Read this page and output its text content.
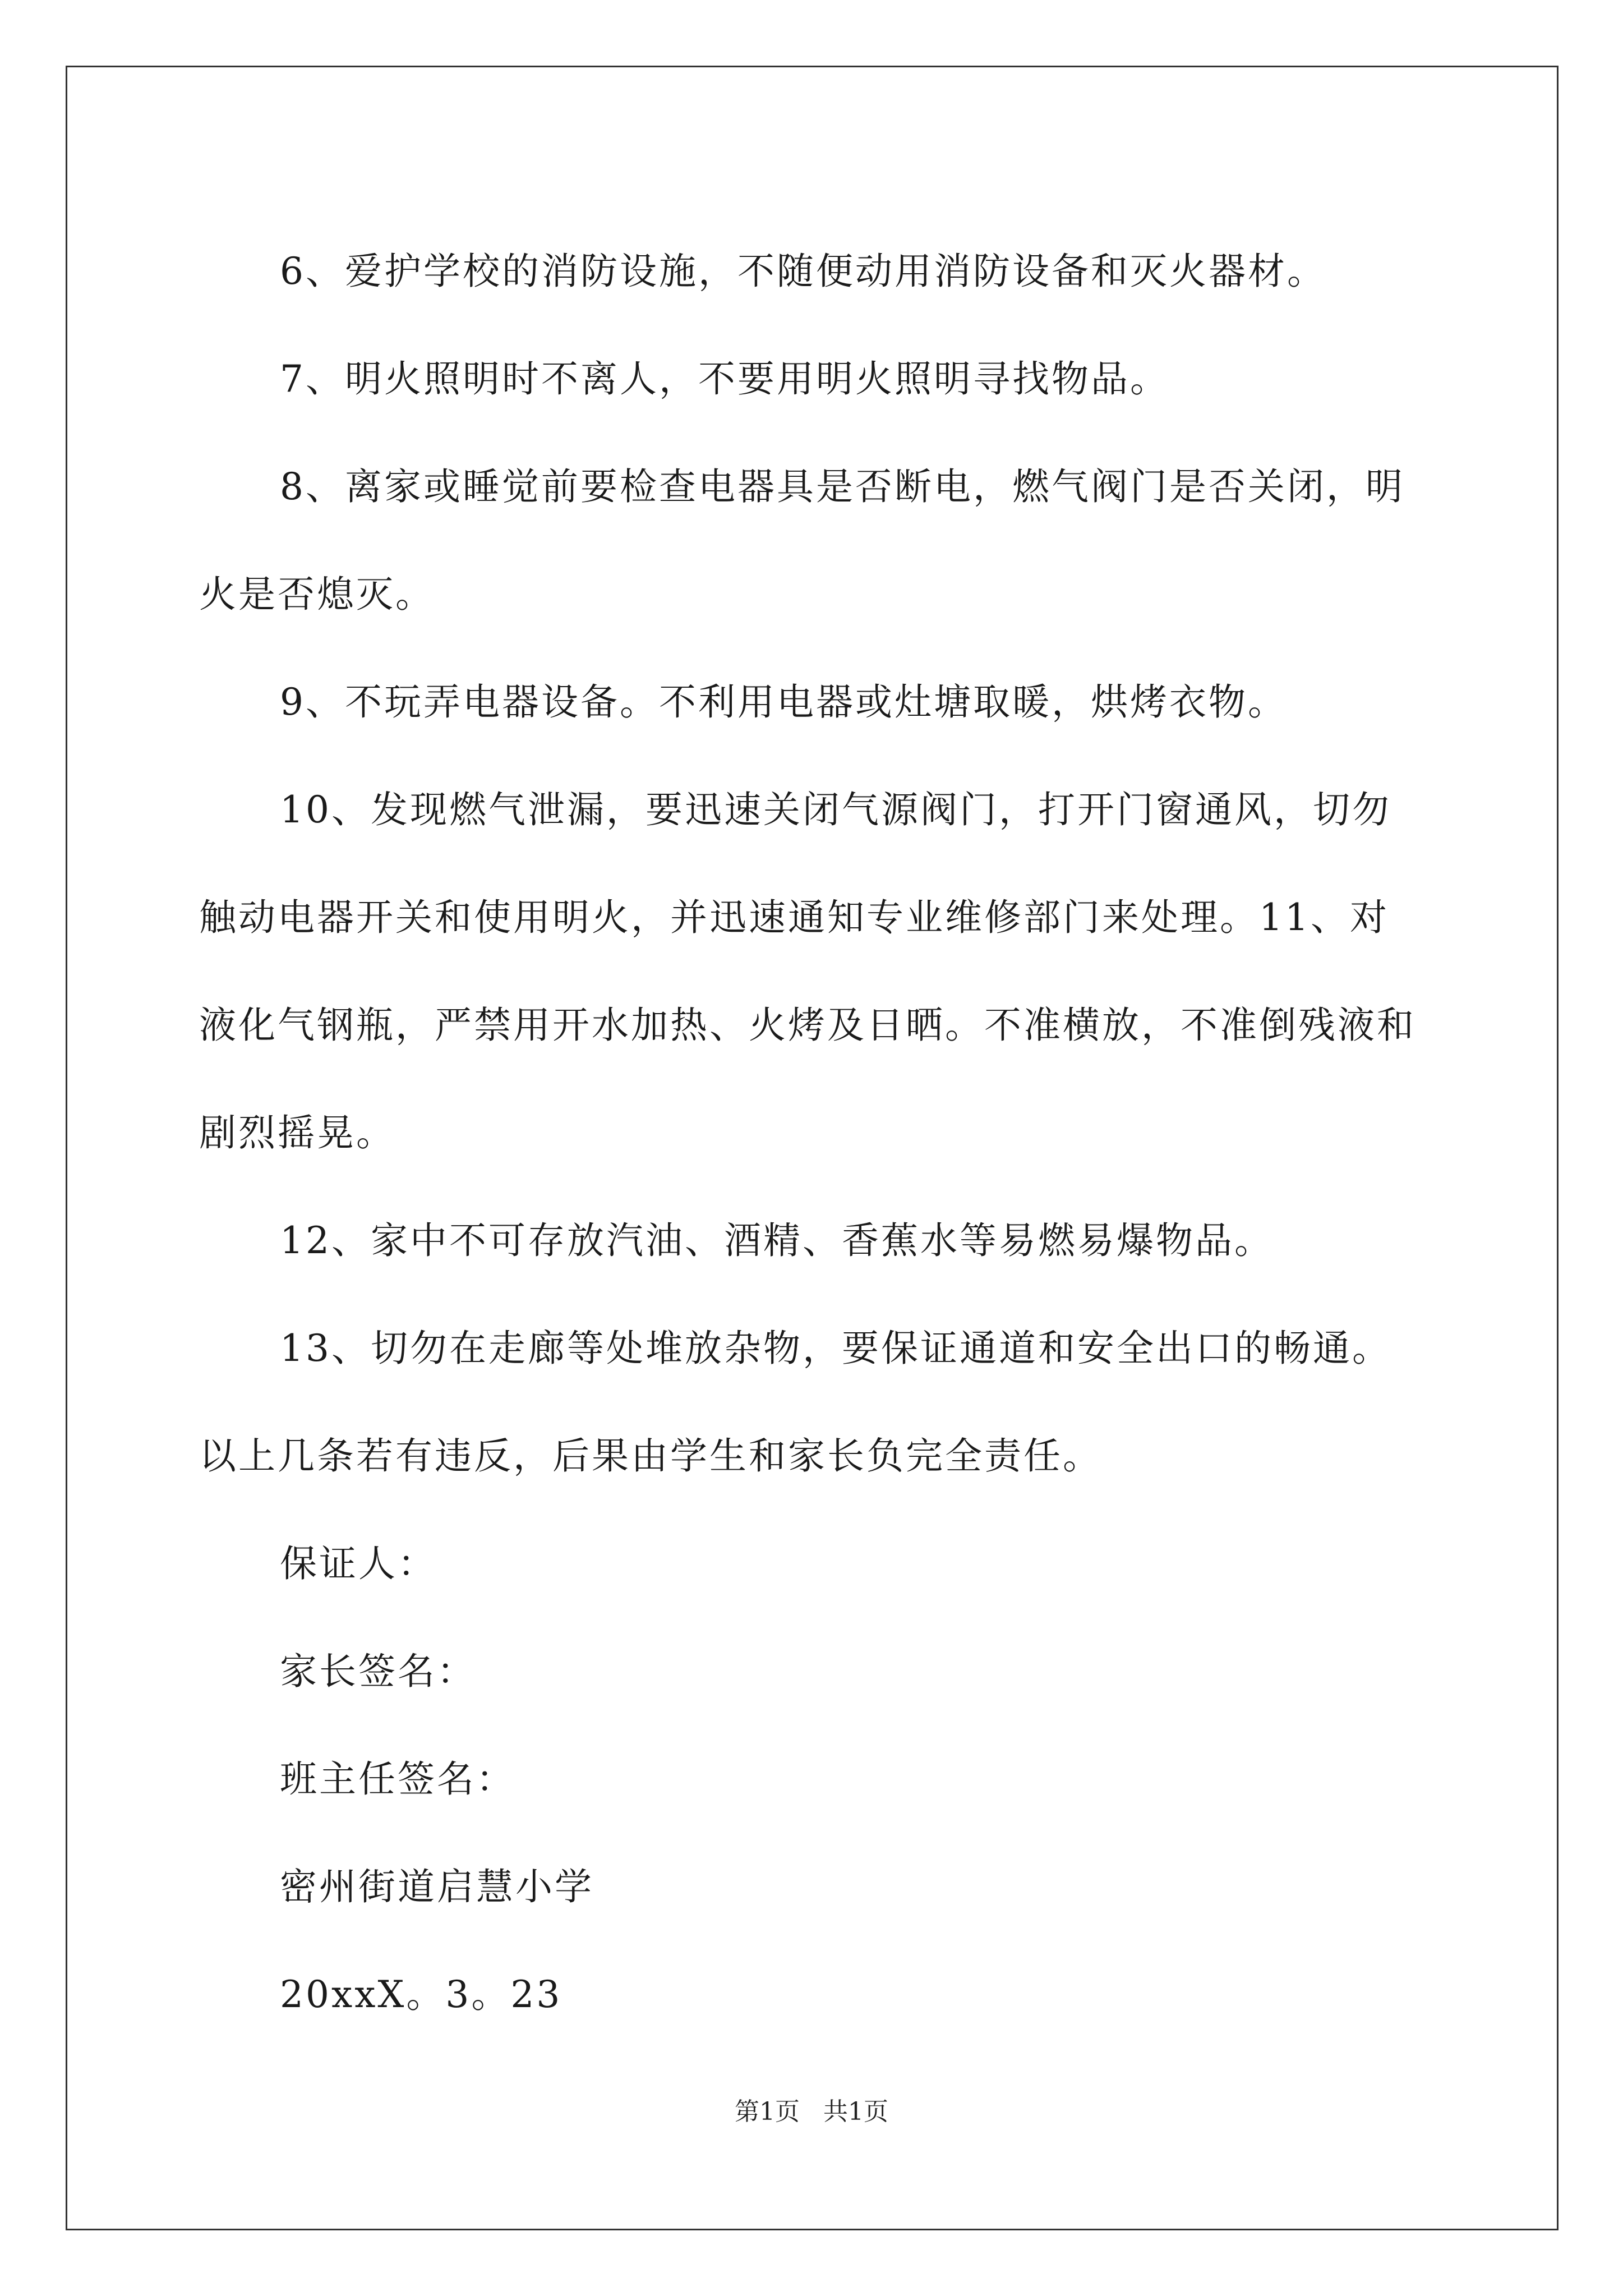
6、爱护学校的消防设施，不随便动用消防设备和灭火器材。

7、明火照明时不离人，不要用明火照明寻找物品。

8、离家或睡觉前要检查电器具是否断电，燃气阀门是否关闭，明火是否熄灭。

9、不玩弄电器设备。不利用电器或灶塘取暖，烘烤衣物。

10、发现燃气泄漏，要迅速关闭气源阀门，打开门窗通风，切勿触动电器开关和使用明火，并迅速通知专业维修部门来处理。11、对液化气钢瓶，严禁用开水加热、火烤及日晒。不准横放，不准倒残液和剧烈摇晃。

12、家中不可存放汽油、酒精、香蕉水等易燃易爆物品。

13、切勿在走廊等处堆放杂物，要保证通道和安全出口的畅通。

以上几条若有违反，后果由学生和家长负完全责任。

保证人：

家长签名：

班主任签名：

密州街道启慧小学

20xxX。3。23

第1页 共1页
